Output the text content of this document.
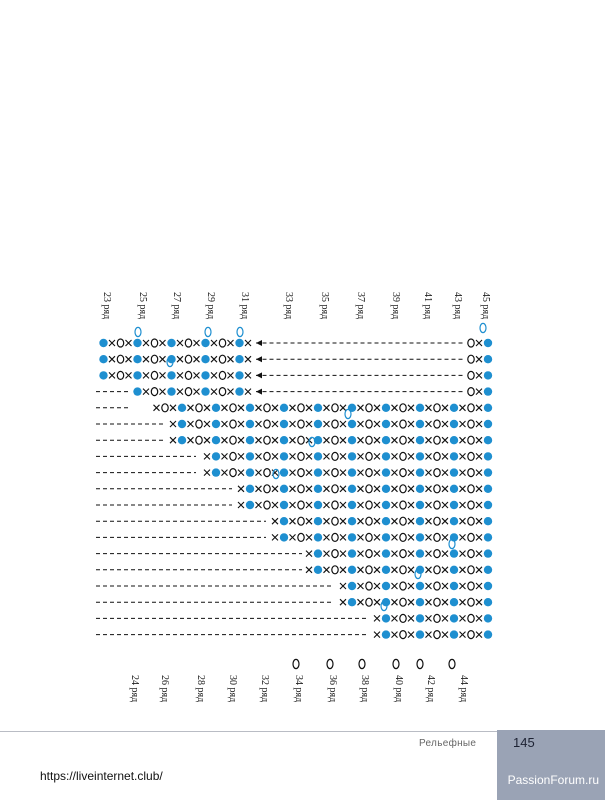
45 ряд
43 ряд
41 ряд
39 ряд
37 ряд
35 ряд
33 ряд
31 ряд
29 ряд
27 ряд
25 ряд
23 ряд
44 ряд
42 ряд
40 ряд
38 ряд
36 ряд
34 ряд
32 ряд
30 ряд
28 ряд
26 ряд
24 ряд
Рельефные	145
https://liveinternet.club/	PassionForum.ru
